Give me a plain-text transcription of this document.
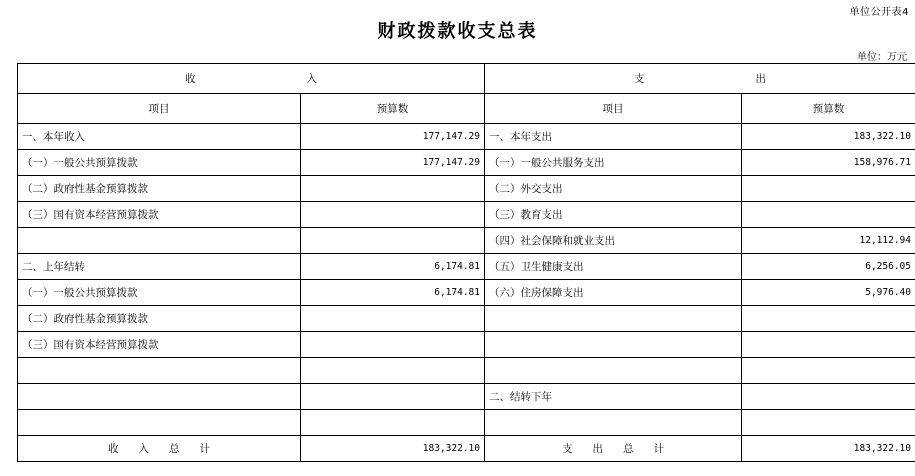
单位公开表4
财政拨款收支总表
单位：万元
收　　入		支　　出	
项目	预算数	项目	预算数
一、本年收入	177,147.29	一、本年支出	183,322.10
（一）一般公共预算拨款	177,147.29	（一）一般公共服务支出	158,976.71
（二）政府性基金预算拨款		（二）外交支出	
（三）国有资本经营预算拨款		（三）教育支出	
		（四）社会保障和就业支出	12,112.94
二、上年结转	6,174.81	（五）卫生健康支出	6,256.05
（一）一般公共预算拨款	6,174.81	（六）住房保障支出	5,976.40
（二）政府性基金预算拨款			
（三）国有资本经营预算拨款			

		二、结转下年	

收入总计	183,322.10	支出总计	183,322.10
